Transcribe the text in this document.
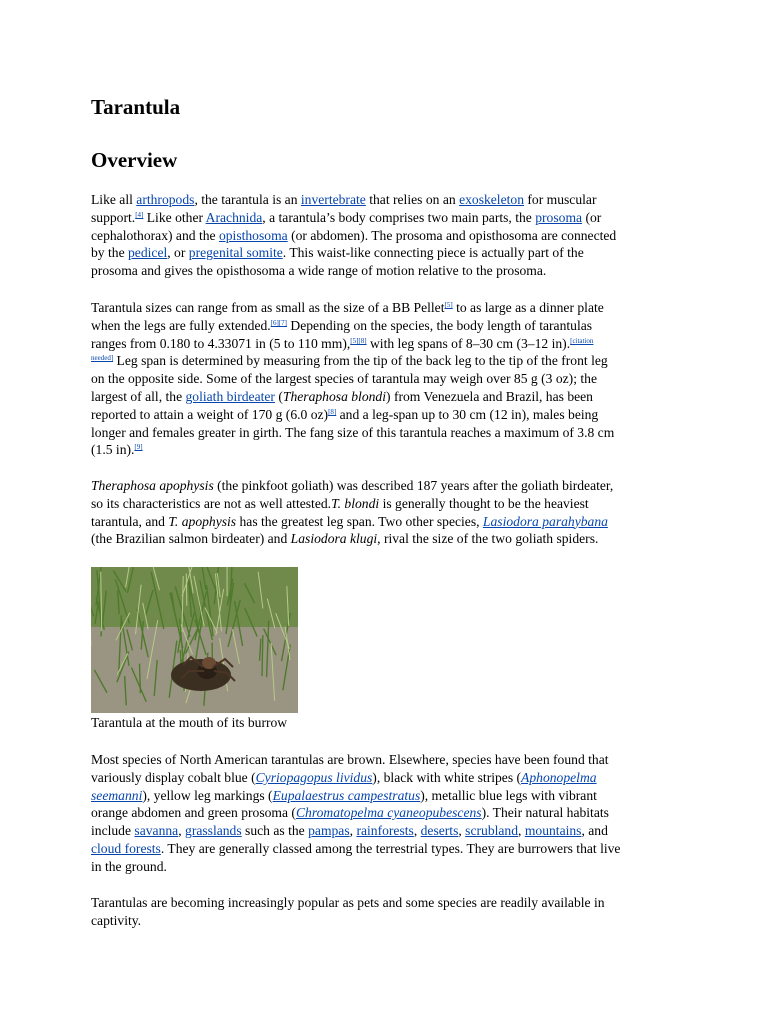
Tarantula
Overview
Like all arthropods, the tarantula is an invertebrate that relies on an exoskeleton for muscular
support.[4] Like other Arachnida, a tarantula’s body comprises two main parts, the prosoma (or
cephalothorax) and the opisthosoma (or abdomen). The prosoma and opisthosoma are connected
by the pedicel, or pregenital somite. This waist-like connecting piece is actually part of the
prosoma and gives the opisthosoma a wide range of motion relative to the prosoma.
Tarantula sizes can range from as small as the size of a BB Pellet[5] to as large as a dinner plate
when the legs are fully extended.[6][7] Depending on the species, the body length of tarantulas
ranges from 0.180 to 4.33071 in (5 to 110 mm),[5][8] with leg spans of 8–30 cm (3–12 in).$^{[citation}$
$^{needed]}$ Leg span is determined by measuring from the tip of the back leg to the tip of the front leg
on the opposite side. Some of the largest species of tarantula may weigh over 85 g (3 oz); the
largest of all, the goliath birdeater (Theraphosa blondi) from Venezuela and Brazil, has been
reported to attain a weight of 170 g (6.0 oz)[8] and a leg-span up to 30 cm (12 in), males being
longer and females greater in girth. The fang size of this tarantula reaches a maximum of 3.8 cm
(1.5 in).[9]
Theraphosa apophysis (the pinkfoot goliath) was described 187 years after the goliath birdeater,
so its characteristics are not as well attested.T. blondi is generally thought to be the heaviest
tarantula, and T. apophysis has the greatest leg span. Two other species, Lasiodora parahybana
(the Brazilian salmon birdeater) and Lasiodora klugi, rival the size of the two goliath spiders.
Tarantula at the mouth of its burrow
Most species of North American tarantulas are brown. Elsewhere, species have been found that
variously display cobalt blue (Cyriopagopus lividus), black with white stripes (Aphonopelma
seemanni), yellow leg markings (Eupalaestrus campestratus), metallic blue legs with vibrant
orange abdomen and green prosoma (Chromatopelma cyaneopubescens). Their natural habitats
include savanna, grasslands such as the pampas, rainforests, deserts, scrubland, mountains, and
cloud forests. They are generally classed among the terrestrial types. They are burrowers that live
in the ground.
Tarantulas are becoming increasingly popular as pets and some species are readily available in
captivity.
